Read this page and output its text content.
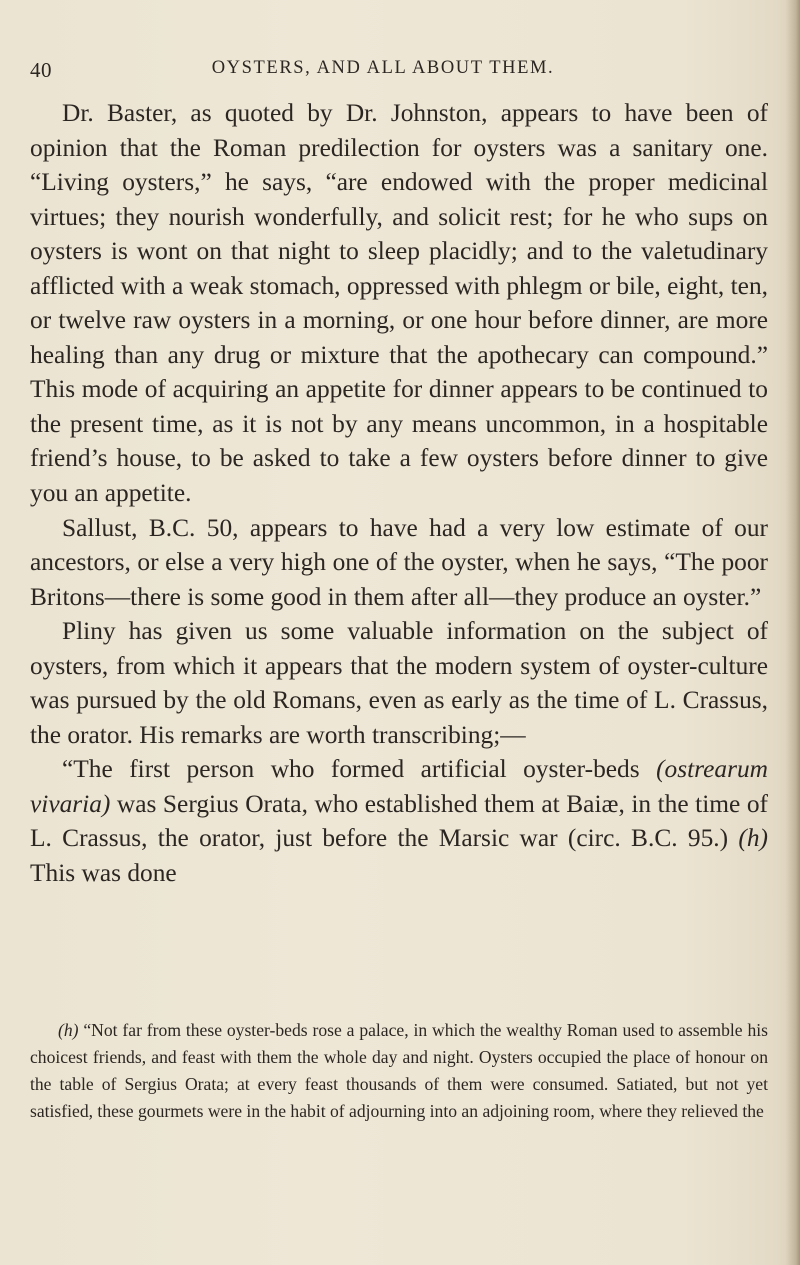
40	OYSTERS, AND ALL ABOUT THEM.

Dr. Baster, as quoted by Dr. Johnston, appears to have been of opinion that the Roman predilection for oysters was a sanitary one. “Living oysters,” he says, “are endowed with the proper medicinal virtues; they nourish wonderfully, and solicit rest; for he who sups on oysters is wont on that night to sleep placidly; and to the valetudinary afflicted with a weak stomach, oppressed with phlegm or bile, eight, ten, or twelve raw oysters in a morning, or one hour before dinner, are more healing than any drug or mixture that the apothecary can compound.” This mode of acquiring an appetite for dinner appears to be continued to the present time, as it is not by any means uncommon, in a hospitable friend’s house, to be asked to take a few oysters before dinner to give you an appetite.

Sallust, B.C. 50, appears to have had a very low estimate of our ancestors, or else a very high one of the oyster, when he says, “The poor Britons—there is some good in them after all—they produce an oyster.”

Pliny has given us some valuable information on the subject of oysters, from which it appears that the modern system of oyster-culture was pursued by the old Romans, even as early as the time of L. Crassus, the orator. His remarks are worth transcribing;—

“The first person who formed artificial oyster-beds (ostrearum vivaria) was Sergius Orata, who established them at Baiæ, in the time of L. Crassus, the orator, just before the Marsic war (circ. B.C. 95.) (h) This was done

(h) “Not far from these oyster-beds rose a palace, in which the wealthy Roman used to assemble his choicest friends, and feast with them the whole day and night. Oysters occupied the place of honour on the table of Sergius Orata; at every feast thousands of them were consumed. Satiated, but not yet satisfied, these gourmets were in the habit of adjourning into an adjoining room, where they relieved the
